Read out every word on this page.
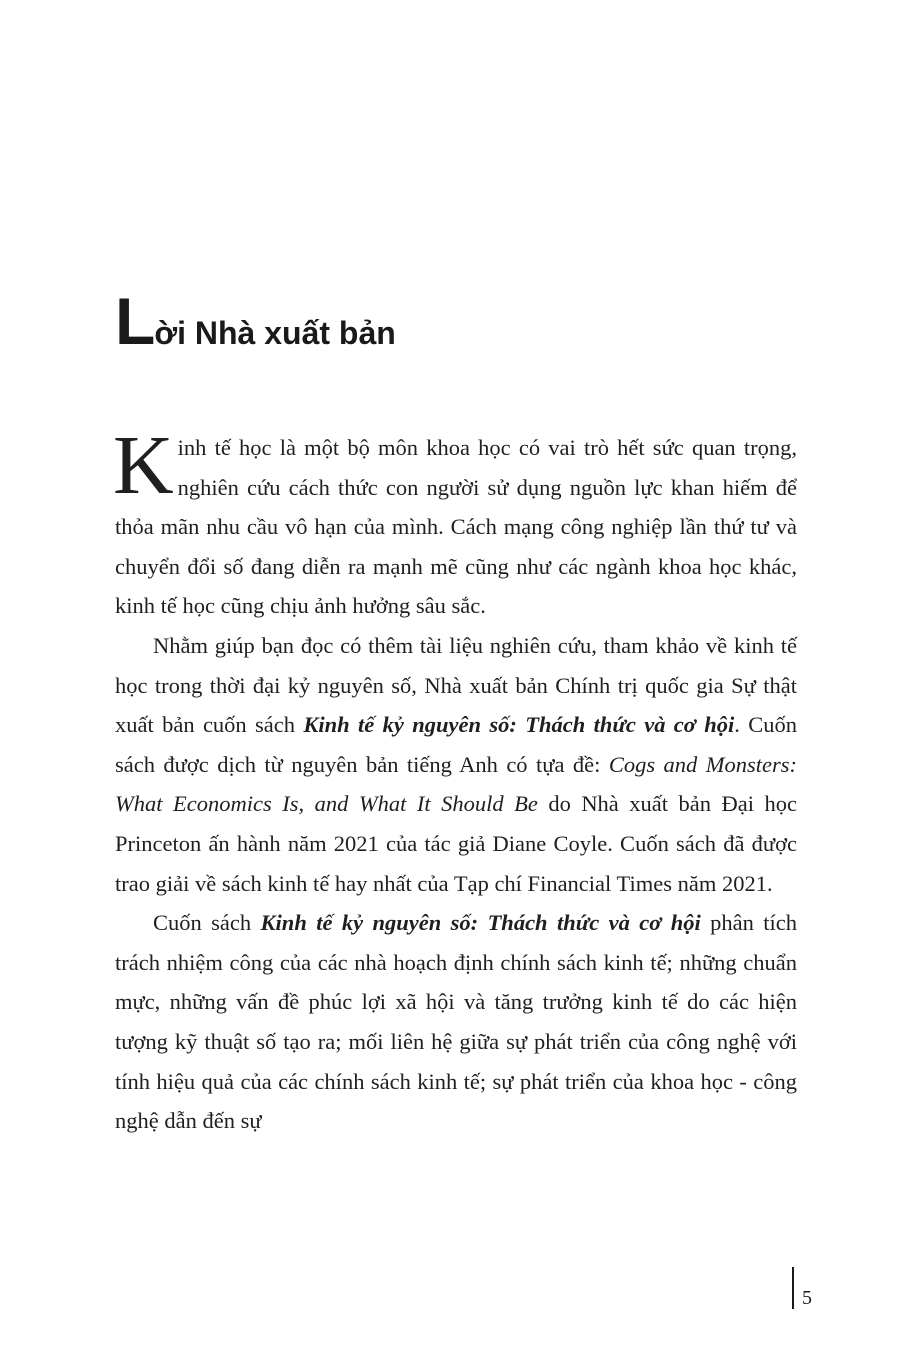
Lời Nhà xuất bản

Kinh tế học là một bộ môn khoa học có vai trò hết sức quan trọng, nghiên cứu cách thức con người sử dụng nguồn lực khan hiếm để thỏa mãn nhu cầu vô hạn của mình. Cách mạng công nghiệp lần thứ tư và chuyển đổi số đang diễn ra mạnh mẽ cũng như các ngành khoa học khác, kinh tế học cũng chịu ảnh hưởng sâu sắc.

Nhằm giúp bạn đọc có thêm tài liệu nghiên cứu, tham khảo về kinh tế học trong thời đại kỷ nguyên số, Nhà xuất bản Chính trị quốc gia Sự thật xuất bản cuốn sách Kinh tế kỷ nguyên số: Thách thức và cơ hội. Cuốn sách được dịch từ nguyên bản tiếng Anh có tựa đề: Cogs and Monsters: What Economics Is, and What It Should Be do Nhà xuất bản Đại học Princeton ấn hành năm 2021 của tác giả Diane Coyle. Cuốn sách đã được trao giải về sách kinh tế hay nhất của Tạp chí Financial Times năm 2021.

Cuốn sách Kinh tế kỷ nguyên số: Thách thức và cơ hội phân tích trách nhiệm công của các nhà hoạch định chính sách kinh tế; những chuẩn mực, những vấn đề phúc lợi xã hội và tăng trưởng kinh tế do các hiện tượng kỹ thuật số tạo ra; mối liên hệ giữa sự phát triển của công nghệ với tính hiệu quả của các chính sách kinh tế; sự phát triển của khoa học - công nghệ dẫn đến sự

5
